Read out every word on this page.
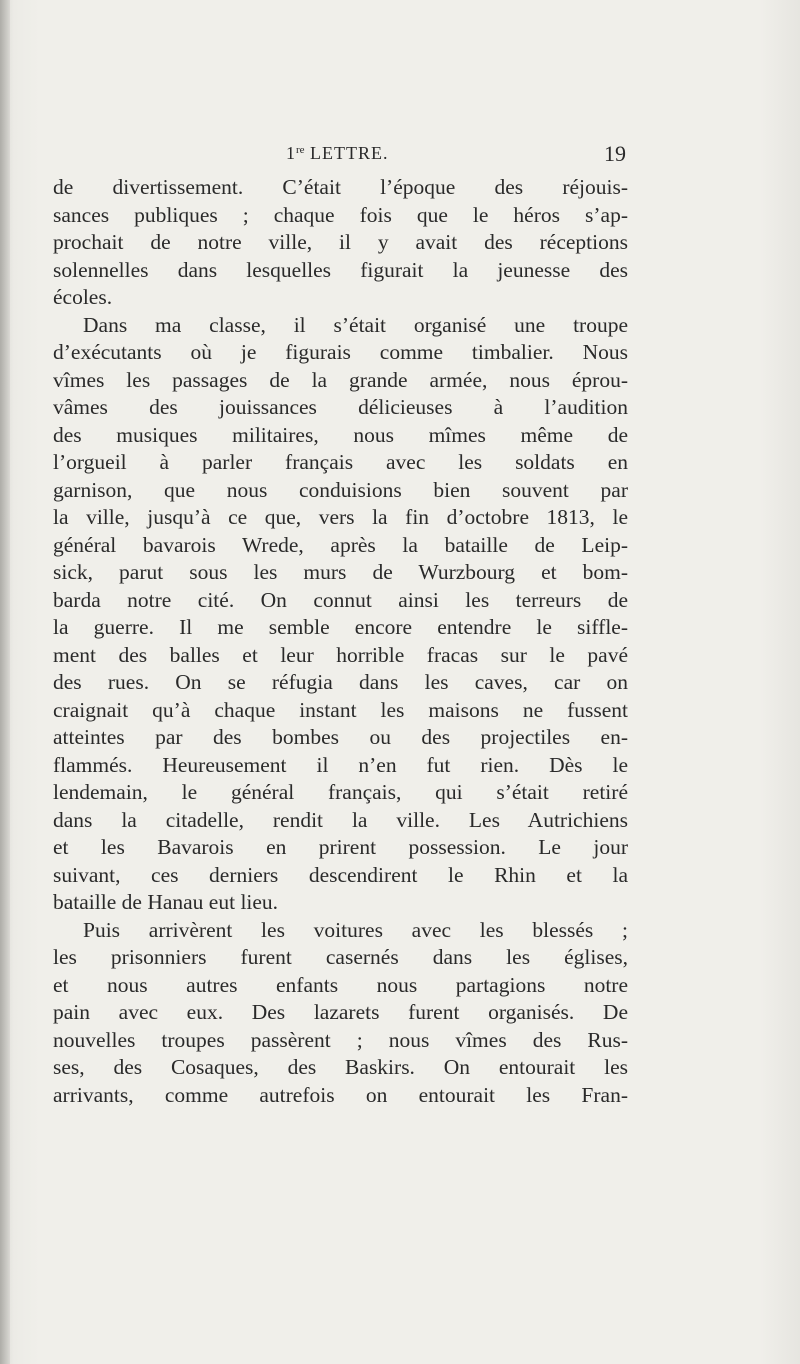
1re LETTRE.	19
de divertissement. C’était l’époque des réjouis-
sances publiques ; chaque fois que le héros s’ap-
prochait de notre ville, il y avait des réceptions
solennelles dans lesquelles figurait la jeunesse des
écoles.
Dans ma classe, il s’était organisé une troupe
d’exécutants où je figurais comme timbalier. Nous
vîmes les passages de la grande armée, nous éprou-
vâmes des jouissances délicieuses à l’audition
des musiques militaires, nous mîmes même de
l’orgueil à parler français avec les soldats en
garnison, que nous conduisions bien souvent par
la ville, jusqu’à ce que, vers la fin d’octobre 1813, le
général bavarois Wrede, après la bataille de Leip-
sick, parut sous les murs de Wurzbourg et bom-
barda notre cité. On connut ainsi les terreurs de
la guerre. Il me semble encore entendre le siffle-
ment des balles et leur horrible fracas sur le pavé
des rues. On se réfugia dans les caves, car on
craignait qu’à chaque instant les maisons ne fussent
atteintes par des bombes ou des projectiles en-
flammés. Heureusement il n’en fut rien. Dès le
lendemain, le général français, qui s’était retiré
dans la citadelle, rendit la ville. Les Autrichiens
et les Bavarois en prirent possession. Le jour
suivant, ces derniers descendirent le Rhin et la
bataille de Hanau eut lieu.
Puis arrivèrent les voitures avec les blessés ;
les prisonniers furent casernés dans les églises,
et nous autres enfants nous partagions notre
pain avec eux. Des lazarets furent organisés. De
nouvelles troupes passèrent ; nous vîmes des Rus-
ses, des Cosaques, des Baskirs. On entourait les
arrivants, comme autrefois on entourait les Fran-
